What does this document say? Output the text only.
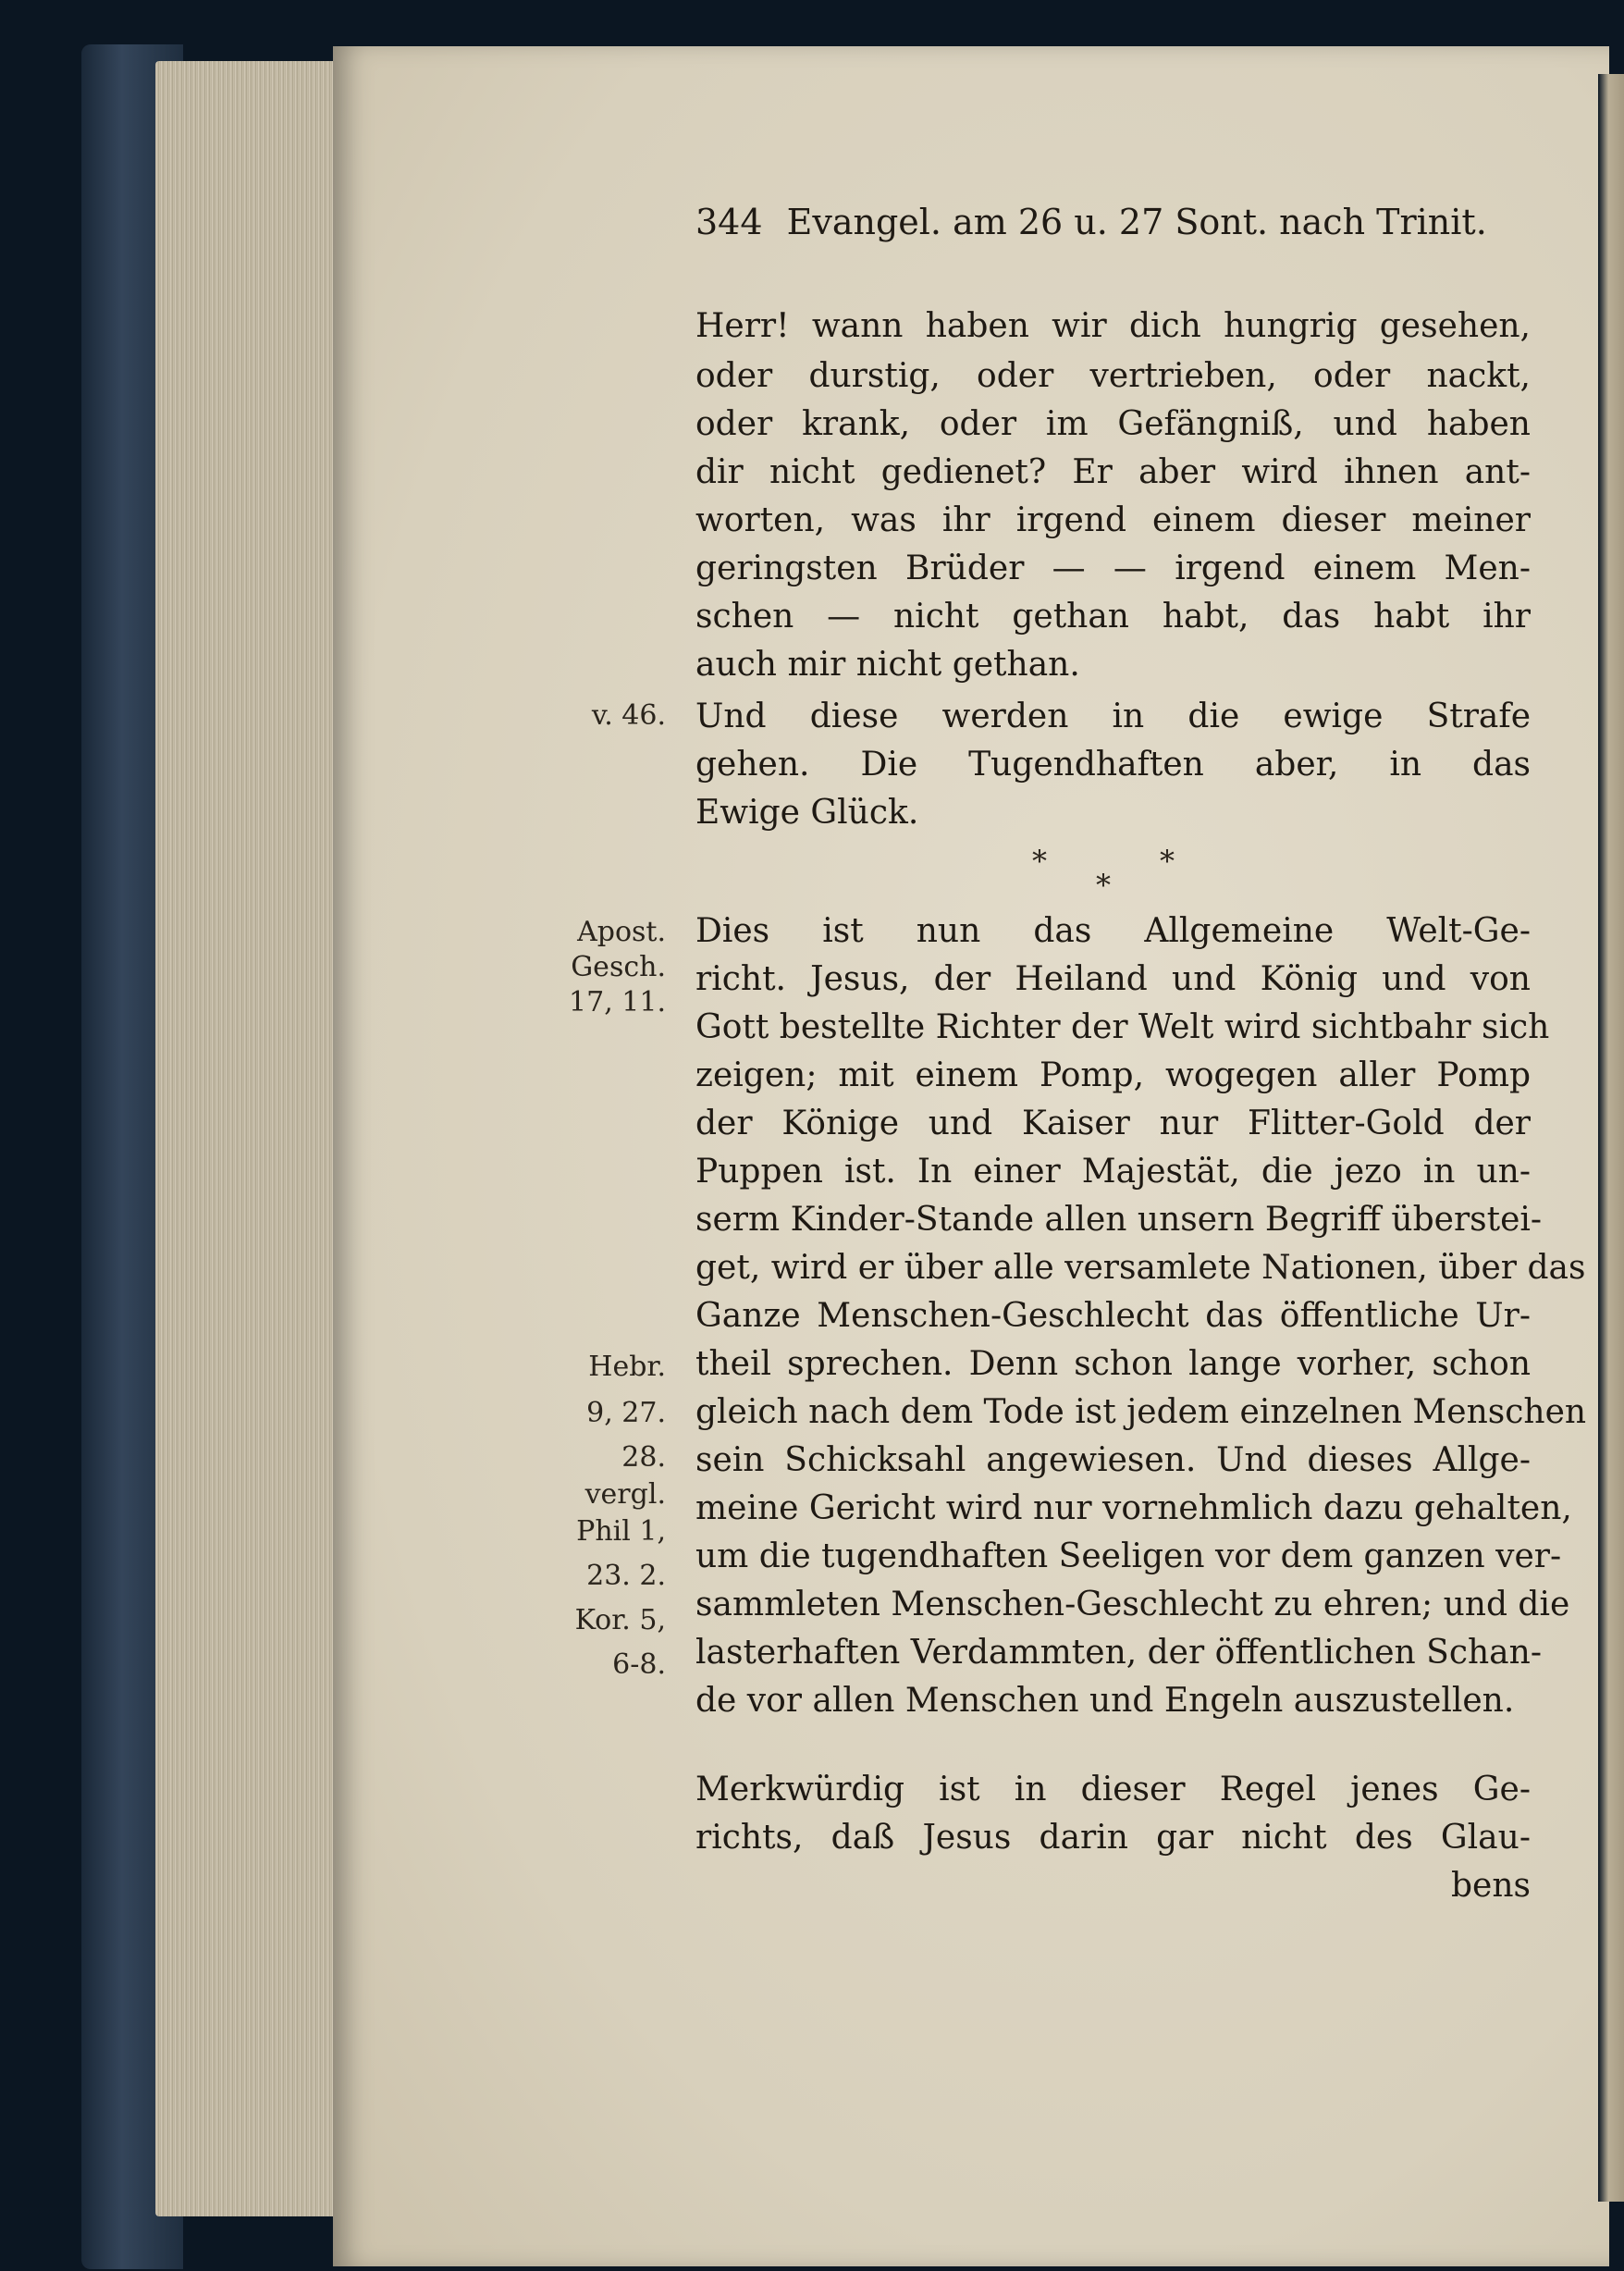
344 Evangel. am 26 u. 27 Sont. nach Trinit.
Herr! wann haben wir dich hungrig gesehen,
oder durstig, oder vertrieben, oder nackt,
oder krank, oder im Gefängniß, und haben
dir nicht gedienet? Er aber wird ihnen ant-
worten, was ihr irgend einem dieser meiner
geringsten Brüder — — irgend einem Men-
schen — nicht gethan habt, das habt ihr
auch mir nicht gethan.
v. 46. Und diese werden in die ewige Strafe
gehen. Die Tugendhaften aber, in das
Ewige Glück.
*	*
*
Apost.
Gesch.
17, 11.
Dies ist nun das Allgemeine Welt-Ge-
richt. Jesus, der Heiland und König und von
Gott bestellte Richter der Welt wird sichtbahr sich
zeigen; mit einem Pomp, wogegen aller Pomp
der Könige und Kaiser nur Flitter-Gold der
Puppen ist. In einer Majestät, die jezo in un-
serm Kinder-Stande allen unsern Begriff überstei-
get, wird er über alle versamlete Nationen, über das
Ganze Menschen-Geschlecht das öffentliche Ur-
theil sprechen. Denn schon lange vorher, schon
gleich nach dem Tode ist jedem einzelnen Menschen
sein Schicksahl angewiesen. Und dieses Allge-
meine Gericht wird nur vornehmlich dazu gehalten,
um die tugendhaften Seeligen vor dem ganzen ver-
sammleten Menschen-Geschlecht zu ehren; und die
lasterhaften Verdammten, der öffentlichen Schan-
de vor allen Menschen und Engeln auszustellen.
Hebr.
9, 27.
28.
vergl.
Phil 1,
23. 2.
Kor. 5,
6-8.
Merkwürdig ist in dieser Regel jenes Ge-
richts, daß Jesus darin gar nicht des Glau-
bens
